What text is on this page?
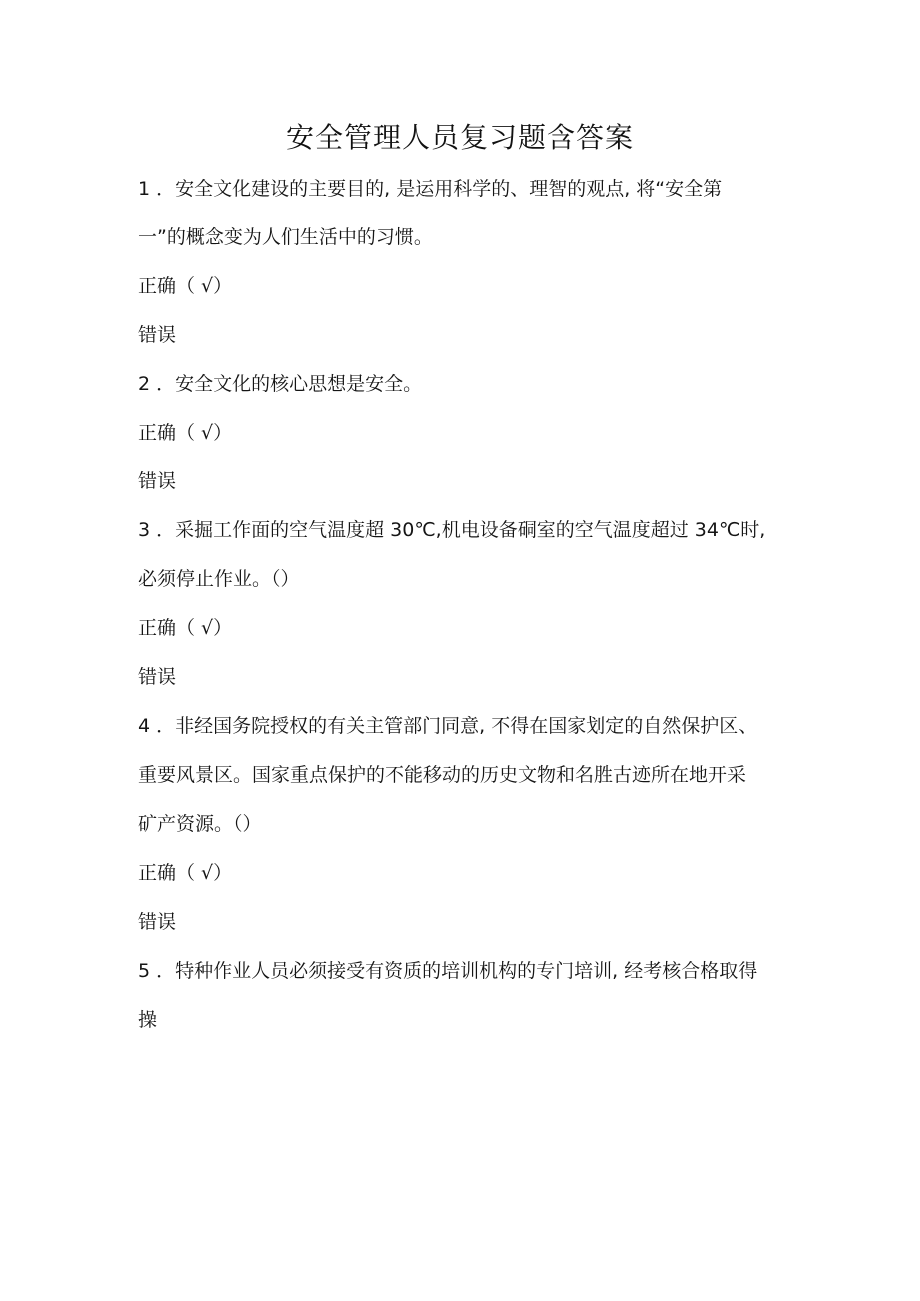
安全管理人员复习题含答案
1 ．安全文化建设的主要目的, 是运用科学的、理智的观点, 将“安全第
一”的概念变为人们生活中的习惯。
正确（ √）
错误
2 ．安全文化的核心思想是安全。
正确（ √）
错误
3 ．采掘工作面的空气温度超 30℃,机电设备硐室的空气温度超过 34℃时,
必须停止作业。（）
正确（ √）
错误
4 ．非经国务院授权的有关主管部门同意, 不得在国家划定的自然保护区、
重要风景区。国家重点保护的不能移动的历史文物和名胜古迹所在地开采
矿产资源。（）
正确（ √）
错误
5 ．特种作业人员必须接受有资质的培训机构的专门培训, 经考核合格取得
操
